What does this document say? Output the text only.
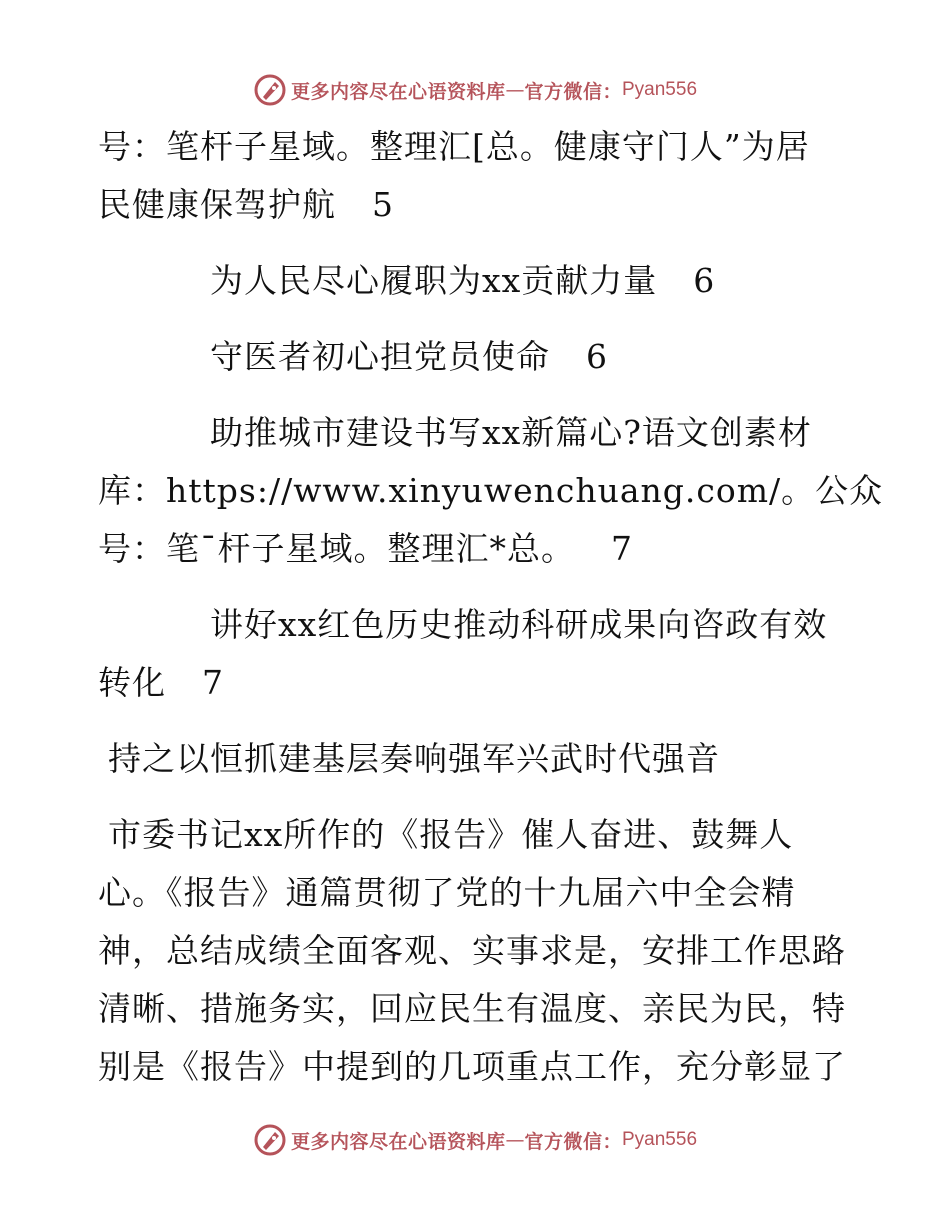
更多内容尽在心语资料库 — 官方微信： Pyan556
号：笔杆子星域。整理汇[总。健康守门人”为居
民健康保驾护航 5
为人民尽心履职为xx贡献力量 6
守医者初心担党员使命 6
助推城市建设书写xx新篇心?语文创素材
库：https://www.xinyuwenchuang.com/。公众
号：笔¯杆子星域。整理汇*总。 7
讲好xx红色历史推动科研成果向咨政有效
转化 7
持之以恒抓建基层奏响强军兴武时代强音
市委书记xx所作的《报告》催人奋进、鼓舞人
心。《报告》通篇贯彻了党的十九届六中全会精
神，总结成绩全面客观、实事求是，安排工作思路
清晰、措施务实，回应民生有温度、亲民为民，特
别是《报告》中提到的几项重点工作，充分彰显了
更多内容尽在心语资料库 — 官方微信： Pyan556
